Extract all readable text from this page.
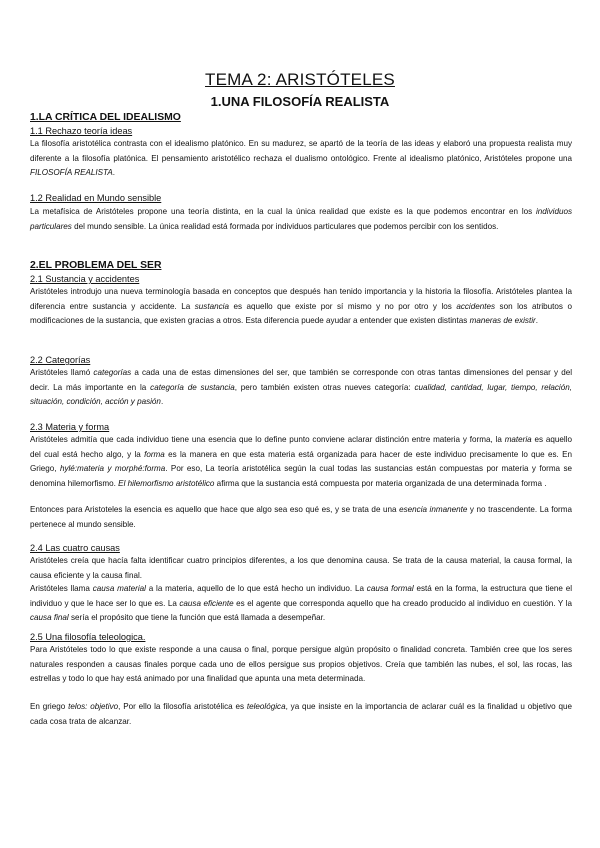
TEMA 2: ARISTÓTELES
1.UNA FILOSOFÍA REALISTA
1.LA CRÍTICA DEL IDEALISMO
1.1 Rechazo teoría ideas
La filosofía aristotélica contrasta con el idealismo platónico. En su madurez, se apartó de la teoría de las ideas y elaboró una propuesta realista muy diferente a la filosofía platónica. El pensamiento aristotélico rechaza el dualismo ontológico. Frente al idealismo platónico, Aristóteles propone una FILOSOFÍA REALISTA.
1.2 Realidad en Mundo sensible
La metafísica de Aristóteles propone una teoría distinta, en la cual la única realidad que existe es la que podemos encontrar en los individuos particulares del mundo sensible. La única realidad está formada por individuos particulares que podemos percibir con los sentidos.
2.EL PROBLEMA DEL SER
2.1 Sustancia y accidentes
Aristóteles introdujo una nueva terminología basada en conceptos que después han tenido importancia y la historia la filosofía. Aristóteles plantea la diferencia entre sustancia y accidente. La sustancia es aquello que existe por sí mismo y no por otro y los accidentes son los atributos o modificaciones de la sustancia, que existen gracias a otros. Esta diferencia puede ayudar a entender que existen distintas maneras de existir.
2.2 Categorías
Aristóteles llamó categorías a cada una de estas dimensiones del ser, que también se corresponde con otras tantas dimensiones del pensar y del decir. La más importante en la categoría de sustancia, pero también existen otras nueves categoría: cualidad, cantidad, lugar, tiempo, relación, situación, condición, acción y pasión.
2.3 Materia y forma
Aristóteles admitía que cada individuo tiene una esencia que lo define punto conviene aclarar distinción entre materia y forma, la materia es aquello del cual está hecho algo, y la forma es la manera en que esta materia está organizada para hacer de este individuo precisamente lo que es. En Griego, hylé:materia y morphé:forma. Por eso, La teoría aristotélica según la cual todas las sustancias están compuestas por materia y forma se denomina hilemorfismo. El hilemorfismo aristotélico afirma que la sustancia está compuesta por materia organizada de una determinada forma .
Entonces para Aristoteles la esencia es aquello que hace que algo sea eso qué es, y se trata de una esencia inmanente y no trascendente. La forma pertenece al mundo sensible.
2.4 Las cuatro causas
Aristóteles creía que hacía falta identificar cuatro principios diferentes, a los que denomina causa. Se trata de la causa material, la causa formal, la causa eficiente y la causa final.
Aristóteles llama causa material a la materia, aquello de lo que está hecho un individuo. La causa formal está en la forma, la estructura que tiene el individuo y que le hace ser lo que es. La causa eficiente es el agente que corresponda aquello que ha creado producido al individuo en cuestión. Y la causa final sería el propósito que tiene la función que está llamada a desempeñar.
2.5 Una filosofía teleologica.
Para Aristóteles todo lo que existe responde a una causa o final, porque persigue algún propósito o finalidad concreta. También cree que los seres naturales responden a causas finales porque cada uno de ellos persigue sus propios objetivos. Creía que también las nubes, el sol, las rocas, las estrellas y todo lo que hay está animado por una finalidad que apunta una meta determinada.
En griego telos: objetivo, Por ello la filosofía aristotélica es teleológica, ya que insiste en la importancia de aclarar cuál es la finalidad u objetivo que cada cosa trata de alcanzar.
